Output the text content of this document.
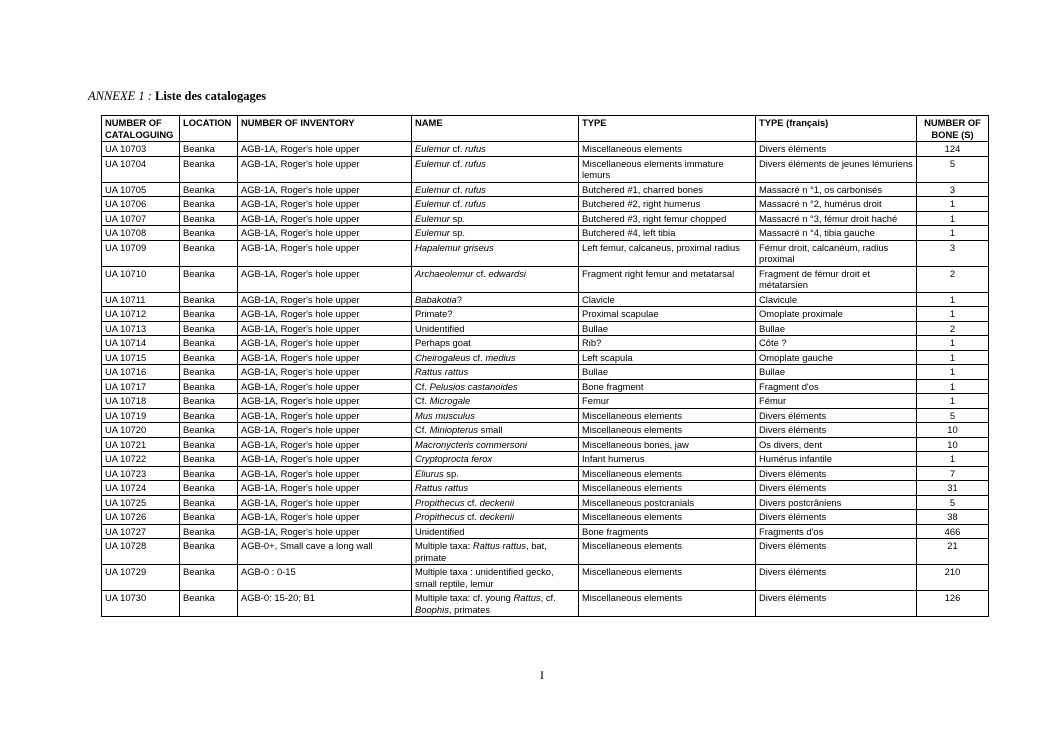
ANNEXE 1 : Liste des catalogages
NUMBER OF CATALOGUING	LOCATION	NUMBER OF INVENTORY	NAME	TYPE	TYPE (français)	NUMBER OF BONE (S)
UA 10703	Beanka	AGB-1A, Roger's hole upper	Eulemur cf. rufus	Miscellaneous elements	Divers éléments	124
UA 10704	Beanka	AGB-1A, Roger's hole upper	Eulemur cf. rufus	Miscellaneous elements immature lemurs	Divers éléments de jeunes lémuriens	5
UA 10705	Beanka	AGB-1A, Roger's hole upper	Eulemur cf. rufus	Butchered #1, charred bones	Massacré n °1, os carbonisés	3
UA 10706	Beanka	AGB-1A, Roger's hole upper	Eulemur cf. rufus	Butchered #2, right humerus	Massacré n °2, humérus droit	1
UA 10707	Beanka	AGB-1A, Roger's hole upper	Eulemur sp.	Butchered #3, right femur chopped	Massacré n °3, fémur droit haché	1
UA 10708	Beanka	AGB-1A, Roger's hole upper	Eulemur sp.	Butchered #4, left tibia	Massacré n °4, tibia gauche	1
UA 10709	Beanka	AGB-1A, Roger's hole upper	Hapalemur griseus	Left femur, calcaneus, proximal radius	Fémur droit, calcanéum, radius proximal	3
UA 10710	Beanka	AGB-1A, Roger's hole upper	Archaeolemur cf. edwardsi	Fragment right femur and metatarsal	Fragment de fémur droit et métatarsien	2
UA 10711	Beanka	AGB-1A, Roger's hole upper	Babakotia?	Clavicle	Clavicule	1
UA 10712	Beanka	AGB-1A, Roger's hole upper	Primate?	Proximal scapulae	Omoplate proximale	1
UA 10713	Beanka	AGB-1A, Roger's hole upper	Unidentified	Bullae	Bullae	2
UA 10714	Beanka	AGB-1A, Roger's hole upper	Perhaps goat	Rib?	Côte ?	1
UA 10715	Beanka	AGB-1A, Roger's hole upper	Cheirogaleus cf. medius	Left scapula	Omoplate gauche	1
UA 10716	Beanka	AGB-1A, Roger's hole upper	Rattus rattus	Bullae	Bullae	1
UA 10717	Beanka	AGB-1A, Roger's hole upper	Cf. Pelusios castanoides	Bone fragment	Fragment d'os	1
UA 10718	Beanka	AGB-1A, Roger's hole upper	Cf. Microgale	Femur	Fémur	1
UA 10719	Beanka	AGB-1A, Roger's hole upper	Mus musculus	Miscellaneous elements	Divers éléments	5
UA 10720	Beanka	AGB-1A, Roger's hole upper	Cf. Miniopterus small	Miscellaneous elements	Divers éléments	10
UA 10721	Beanka	AGB-1A, Roger's hole upper	Macronycteris commersoni	Miscellaneous bones, jaw	Os divers, dent	10
UA 10722	Beanka	AGB-1A, Roger's hole upper	Cryptoprocta ferox	Infant humerus	Humérus infantile	1
UA 10723	Beanka	AGB-1A, Roger's hole upper	Eliurus sp.	Miscellaneous elements	Divers éléments	7
UA 10724	Beanka	AGB-1A, Roger's hole upper	Rattus rattus	Miscellaneous elements	Divers éléments	31
UA 10725	Beanka	AGB-1A, Roger's hole upper	Propithecus cf. deckenii	Miscellaneous postcranials	Divers postcrâniens	5
UA 10726	Beanka	AGB-1A, Roger's hole upper	Propithecus cf. deckenii	Miscellaneous elements	Divers éléments	38
UA 10727	Beanka	AGB-1A, Roger's hole upper	Unidentified	Bone fragments	Fragments d'os	466
UA 10728	Beanka	AGB-0+, Small cave a long wall	Multiple taxa: Rattus rattus, bat, primate	Miscellaneous elements	Divers éléments	21
UA 10729	Beanka	AGB-0 : 0-15	Multiple taxa : unidentified gecko, small reptile, lemur	Miscellaneous elements	Divers éléments	210
UA 10730	Beanka	AGB-0: 15-20; B1	Multiple taxa: cf. young Rattus, cf. Boophis, primates	Miscellaneous elements	Divers éléments	126
I
